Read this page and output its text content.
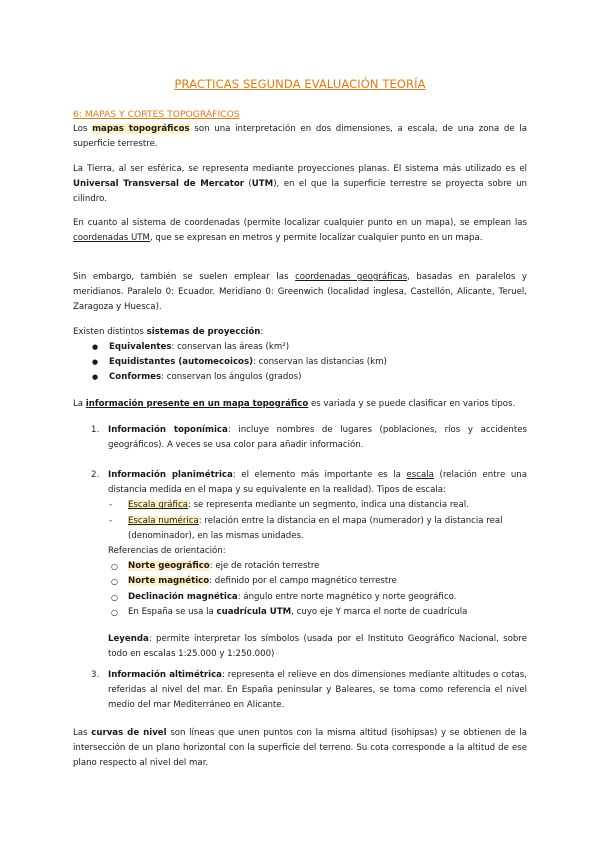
PRACTICAS SEGUNDA EVALUACIÓN TEORÍA
6: MAPAS Y CORTES TOPOGRÁFICOS

Los mapas topográficos son una interpretación en dos dimensiones, a escala, de una zona de la superficie terrestre.

La Tierra, al ser esférica, se representa mediante proyecciones planas. El sistema más utilizado es el Universal Transversal de Mercator (UTM), en el que la superficie terrestre se proyecta sobre un cilindro.

En cuanto al sistema de coordenadas (permite localizar cualquier punto en un mapa), se emplean las coordenadas UTM, que se expresan en metros y permite localizar cualquier punto en un mapa.

Sin embargo, también se suelen emplear las coordenadas geográficas, basadas en paralelos y meridianos. Paralelo 0: Ecuador. Meridiano 0: Greenwich (localidad inglesa, Castellón, Alicante, Teruel, Zaragoza y Huesca).

Existen distintos sistemas de proyección:

● Equivalentes: conservan las áreas (km²)
● Equidistantes (automecoicos): conservan las distancias (km)
● Conformes: conservan los ángulos (grados)

La información presente en un mapa topográfico es variada y se puede clasificar en varios tipos.

1. Información toponímica: incluye nombres de lugares (poblaciones, ríos y accidentes geográficos). A veces se usa color para añadir información.
2. Información planimétrica: el elemento más importante es la escala (relación entre una distancia medida en el mapa y su equivalente en la realidad). Tipos de escala:
- Escala gráfica: se representa mediante un segmento, indica una distancia real.
- Escala numérica: relación entre la distancia en el mapa (numerador) y la distancia real (denominador), en las mismas unidades.
Referencias de orientación:
○ Norte geográfico: eje de rotación terrestre
○ Norte magnético: definido por el campo magnético terrestre
○ Declinación magnética: ángulo entre norte magnético y norte geográfico.
○ En España se usa la cuadrícula UTM, cuyo eje Y marca el norte de cuadrícula
Leyenda: permite interpretar los símbolos (usada por el Instituto Geográfico Nacional, sobre todo en escalas 1:25.000 y 1:250.000)
3. Información altimétrica: representa el relieve en dos dimensiones mediante altitudes o cotas, referidas al nivel del mar. En España peninsular y Baleares, se toma como referencia el nivel medio del mar Mediterráneo en Alicante.

Las curvas de nivel son líneas que unen puntos con la misma altitud (isohipsas) y se obtienen de la intersección de un plano horizontal con la superficie del terreno. Su cota corresponde a la altitud de ese plano respecto al nivel del mar.
